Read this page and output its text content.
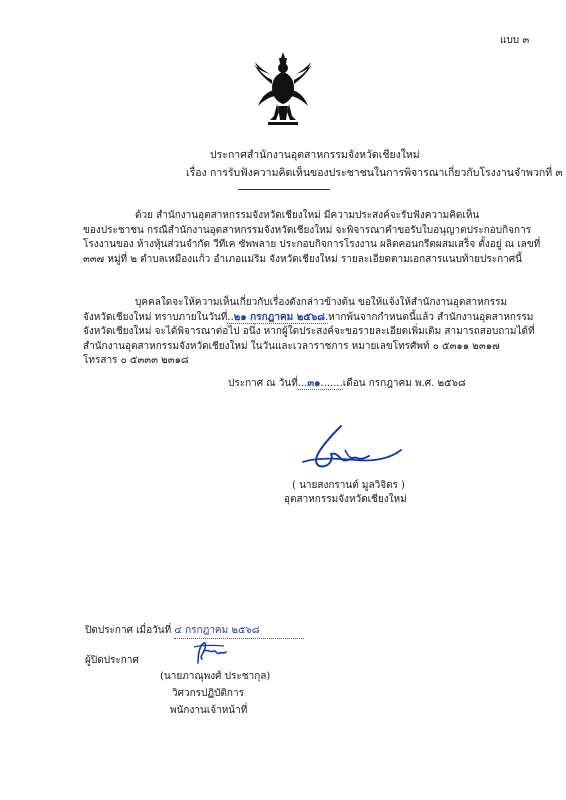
แบบ ๓
ประกาศสำนักงานอุตสาหกรรมจังหวัดเชียงใหม่
เรื่อง การรับฟังความคิดเห็นของประชาชนในการพิจารณาเกี่ยวกับโรงงานจำพวกที่ ๓
ด้วย สำนักงานอุตสาหกรรมจังหวัดเชียงใหม่ มีความประสงค์จะรับฟังความคิดเห็น
ของประชาชน กรณีสำนักงานอุตสาหกรรมจังหวัดเชียงใหม่ จะพิจารณาคำขอรับใบอนุญาตประกอบกิจการ
โรงงานของ ห้างหุ้นส่วนจำกัด วีทีเค ซัพพลาย ประกอบกิจการโรงงาน ผลิตคอนกรีตผสมเสร็จ ตั้งอยู่ ณ เลขที่
๓๓๗ หมู่ที่ ๒ ตำบลเหมืองแก้ว อำเภอแม่ริม จังหวัดเชียงใหม่ รายละเอียดตามเอกสารแนบท้ายประกาศนี้
บุคคลใดจะให้ความเห็นเกี่ยวกับเรื่องดังกล่าวข้างต้น ขอให้แจ้งให้สำนักงานอุตสาหกรรม
จังหวัดเชียงใหม่ ทราบภายในวันที่..๒๑ กรกฎาคม ๒๕๖๘.หากพ้นจากกำหนดนี้แล้ว สำนักงานอุตสาหกรรม
จังหวัดเชียงใหม่ จะได้พิจารณาต่อไป อนึ่ง หากผู้ใดประสงค์จะขอรายละเอียดเพิ่มเติม สามารถสอบถามได้ที่
สำนักงานอุตสาหกรรมจังหวัดเชียงใหม่ ในวันและเวลาราชการ หมายเลขโทรศัพท์ ๐ ๕๓๑๑ ๒๓๑๗
โทรสาร ๐ ๕๓๓๓ ๒๓๑๘
ประกาศ ณ วันที่...๓๑.......เดือน กรกฎาคม พ.ศ. ๒๕๖๘
( นายสงกรานต์ มูลวิจิตร )
อุตสาหกรรมจังหวัดเชียงใหม่
ปิดประกาศ เมื่อวันที่ ๔ กรกฎาคม ๒๕๖๘
ผู้ปิดประกาศ
(นายภาณุพงศ์ ประชากุล)
วิศวกรปฏิบัติการ
พนักงานเจ้าหน้าที่
